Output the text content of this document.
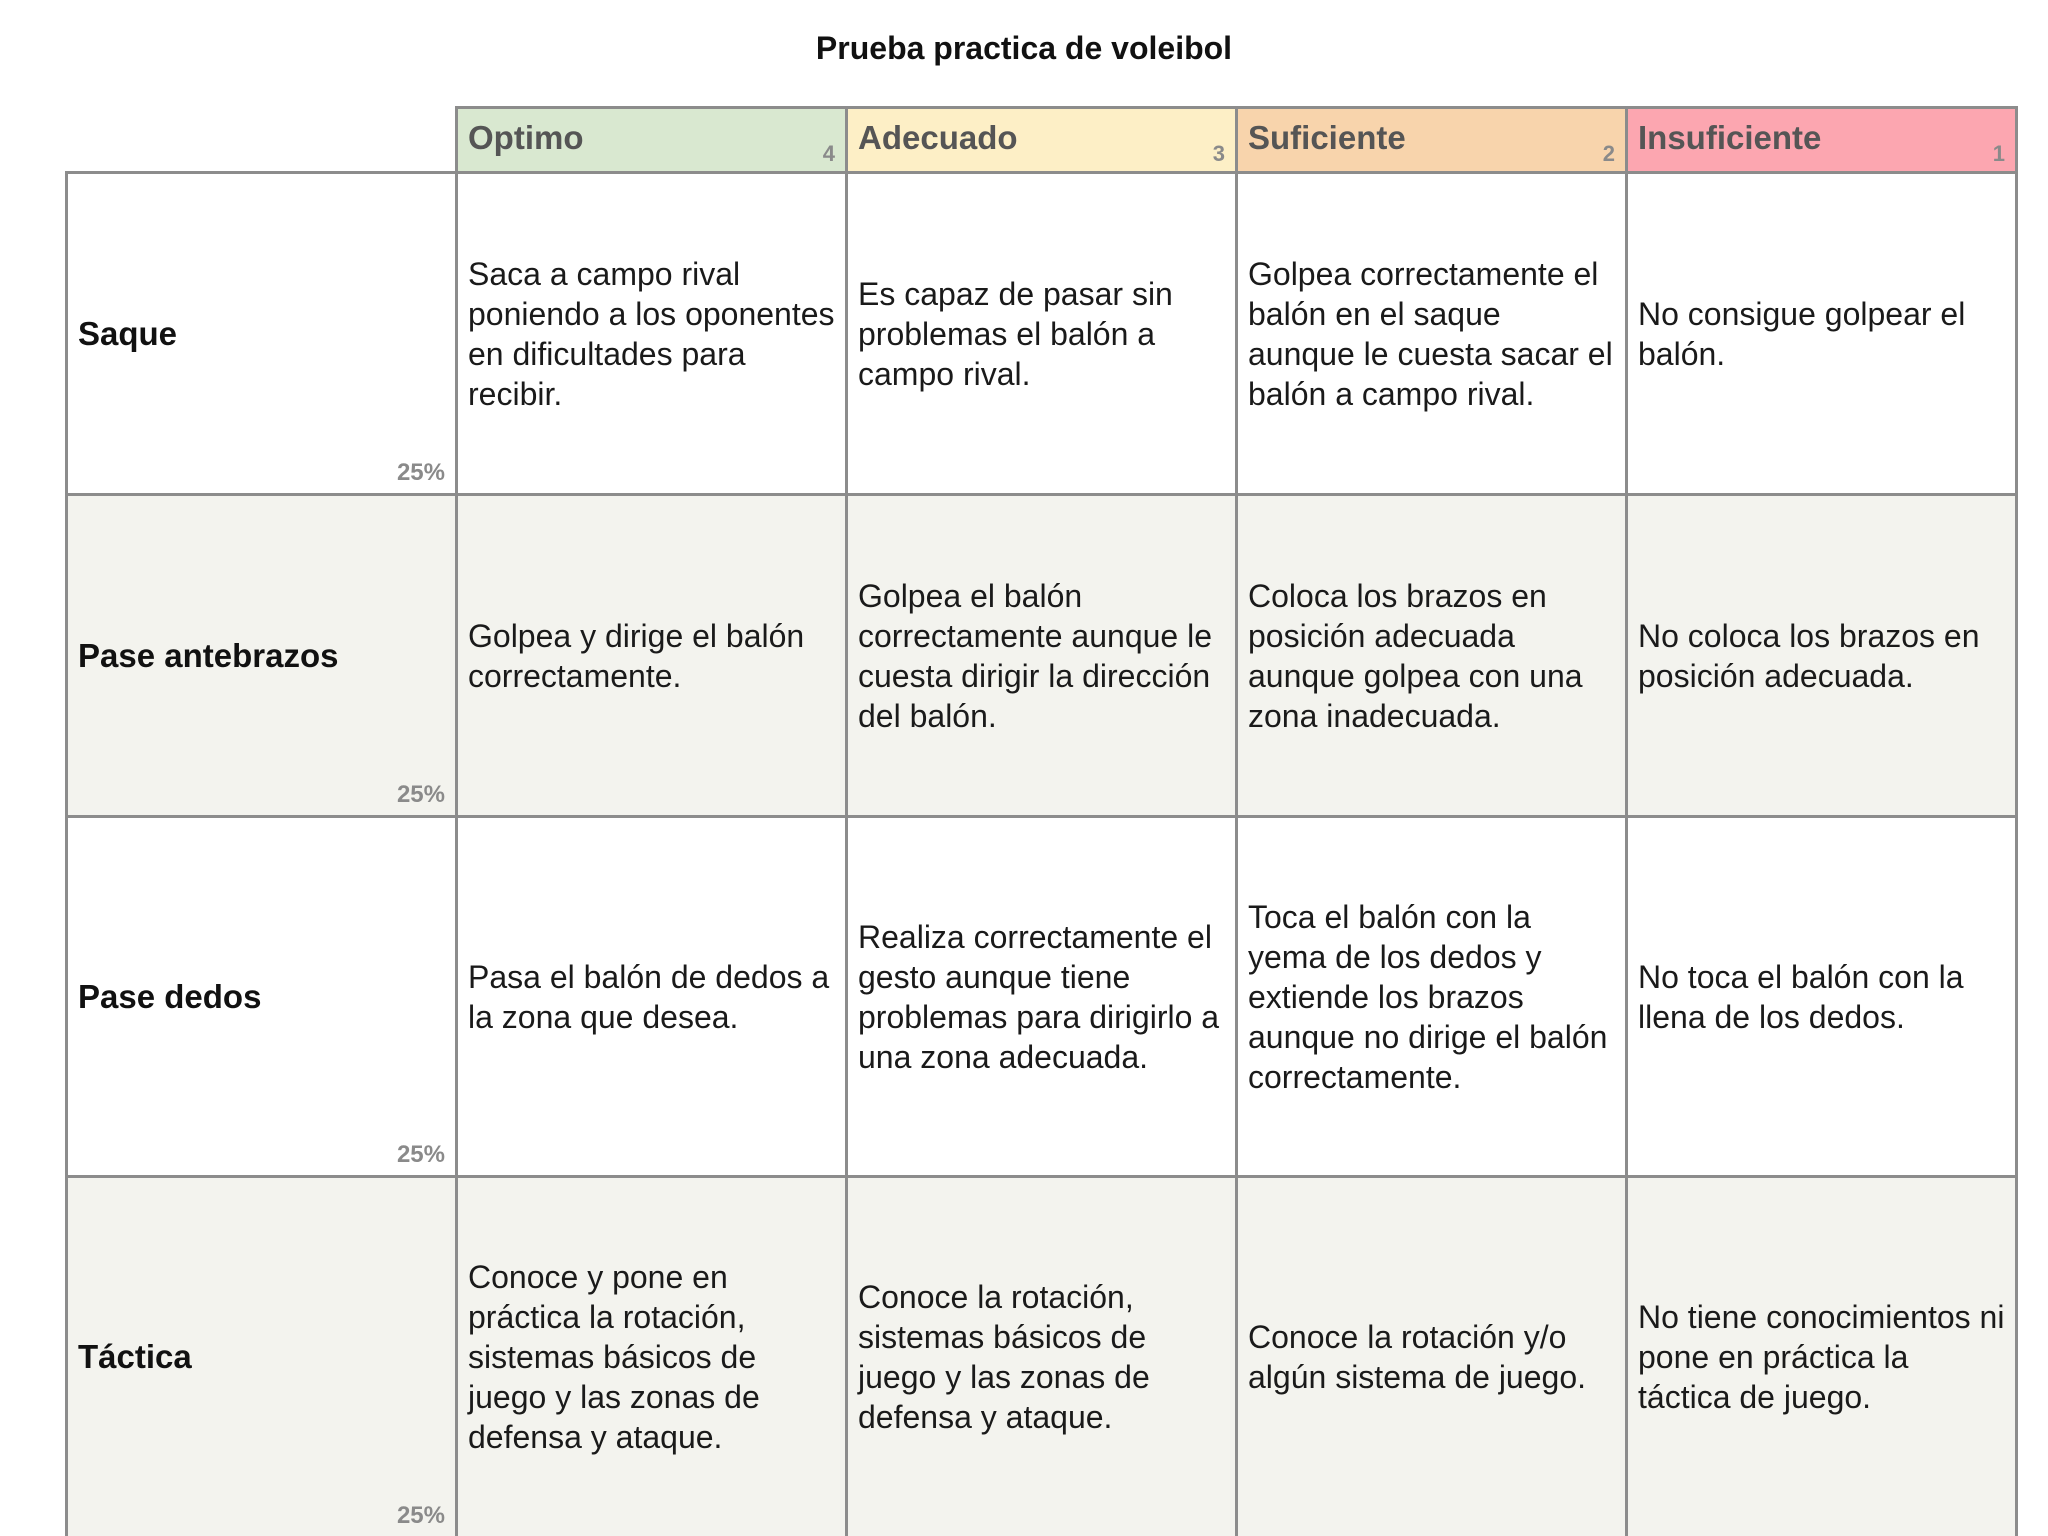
Prueba practica de voleibol

	Optimo 4	Adecuado 3	Suficiente 2	Insuficiente 1

Saque
25%	Saca a campo rival poniendo a los oponentes en dificultades para recibir.	Es capaz de pasar sin problemas el balón a campo rival.	Golpea correctamente el balón en el saque aunque le cuesta sacar el balón a campo rival.	No consigue golpear el balón.
Pase antebrazos
25%	Golpea y dirige el balón correctamente.	Golpea el balón correctamente aunque le cuesta dirigir la dirección del balón.	Coloca los brazos en posición adecuada aunque golpea con una zona inadecuada.	No coloca los brazos en posición adecuada.
Pase dedos
25%	Pasa el balón de dedos a la zona que desea.	Realiza correctamente el gesto aunque tiene problemas para dirigirlo a una zona adecuada.	Toca el balón con la yema de los dedos y extiende los brazos aunque no dirige el balón correctamente.	No toca el balón con la llena de los dedos.
Táctica
25%	Conoce y pone en práctica la rotación, sistemas básicos de juego y las zonas de defensa y ataque.	Conoce la rotación, sistemas básicos de juego y las zonas de defensa y ataque.	Conoce la rotación y/o algún sistema de juego.	No tiene conocimientos ni pone en práctica la táctica de juego.
